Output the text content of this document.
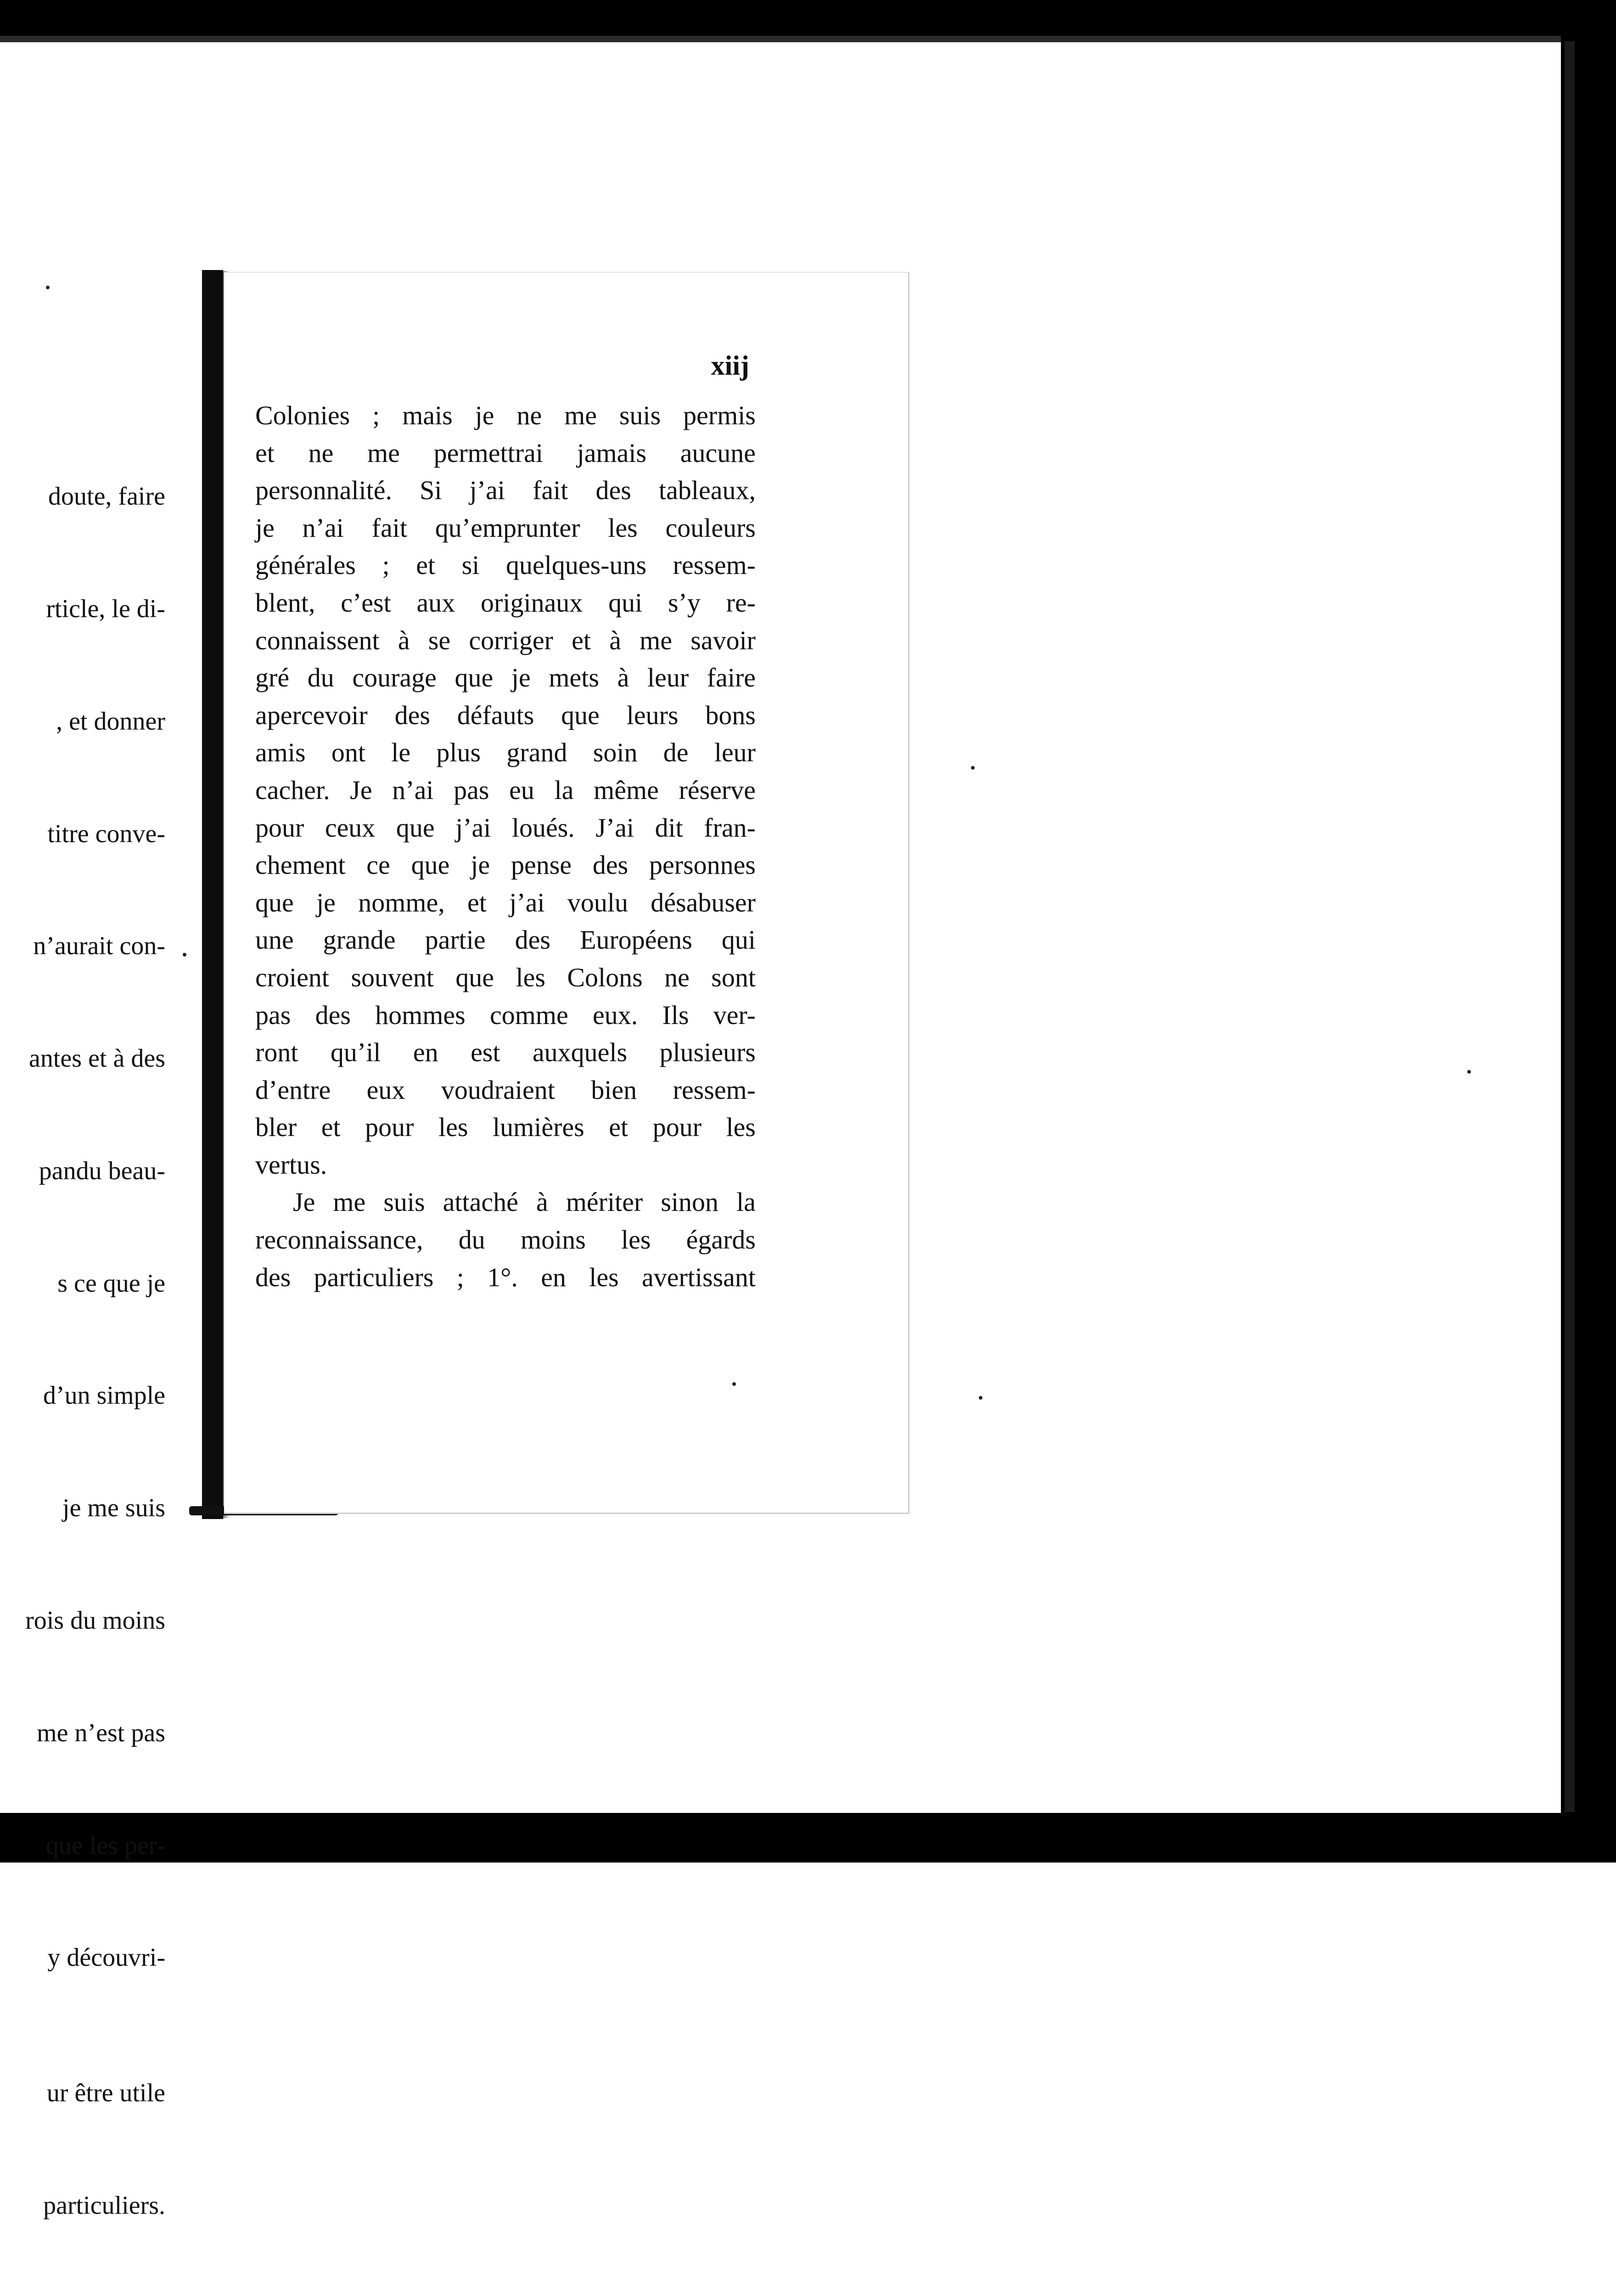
doute, faire

rticle, le di-

, et donner

titre conve-

n’aurait con-

antes et à des

pandu beau-

s ce que je

d’un simple

je me suis

rois du moins

me n’est pas

que les per-

y découvri-

ur être utile

particuliers.

xiij
Colonies ; mais je ne me suis permis
et ne me permettrai jamais aucune
personnalité. Si j’ai fait des tableaux,
je n’ai fait qu’emprunter les couleurs
générales ; et si quelques-uns ressem-
blent, c’est aux originaux qui s’y re-
connaissent à se corriger et à me savoir
gré du courage que je mets à leur faire
apercevoir des défauts que leurs bons
amis ont le plus grand soin de leur
cacher. Je n’ai pas eu la même réserve
pour ceux que j’ai loués. J’ai dit fran-
chement ce que je pense des personnes
que je nomme, et j’ai voulu désabuser
une grande partie des Européens qui
croient souvent que les Colons ne sont
pas des hommes comme eux. Ils ver-
ront qu’il en est auxquels plusieurs
d’entre eux voudraient bien ressem-
bler et pour les lumières et pour les
vertus.
Je me suis attaché à mériter sinon la
reconnaissance, du moins les égards
des particuliers ; 1°. en les avertissant
